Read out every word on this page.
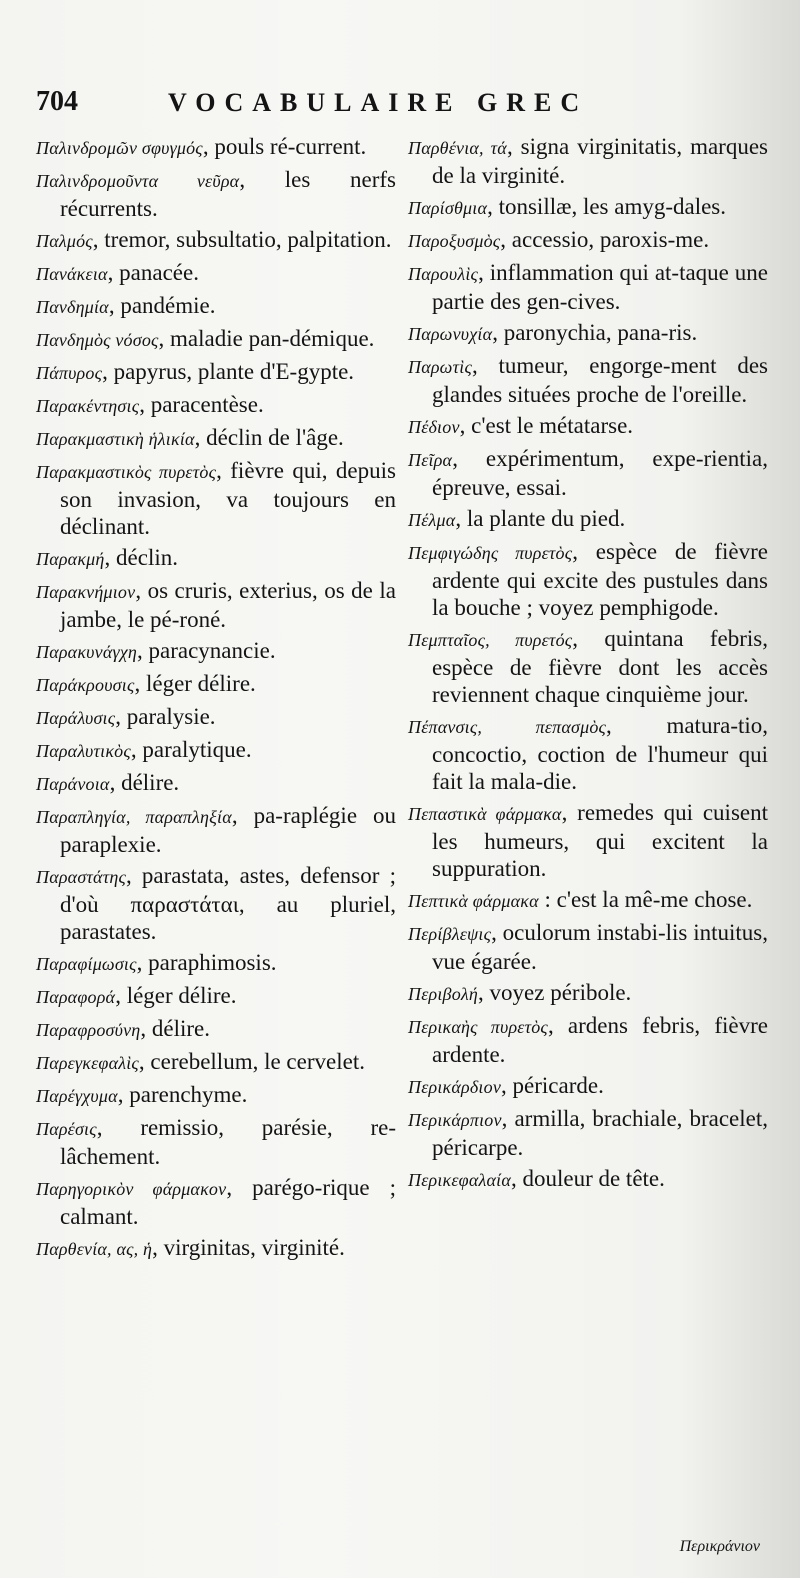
704	VOCABULAIRE GREC
Παλινδρομῶν σφυγμός, pouls ré-current.
Παλινδρομοῦντα νεῦρα, les nerfs récurrents.
Παλμός, tremor, subsultatio, palpitation.
Πανάκεια, panacée.
Πανδημία, pandémie.
Πανδημὸς νόσος, maladie pan-démique.
Πάπυρος, papyrus, plante d'E-gypte.
Παρακέντησις, paracentèse.
Παρακμαστικὴ ἡλικία, déclin de l'âge.
Παρακμαστικὸς πυρετὸς, fièvre qui, depuis son invasion, va toujours en déclinant.
Παρακμή, déclin.
Παρακνήμιον, os cruris, exterius, os de la jambe, le pé-roné.
Παρακυνάγχη, paracynancie.
Παράκρουσις, léger délire.
Παράλυσις, paralysie.
Παραλυτικὸς, paralytique.
Παράνοια, délire.
Παραπληγία, παραπληξία, pa-raplégie ou paraplexie.
Παραστάτης, parastata, astes, defensor ; d'où παραστάται, au pluriel, parastates.
Παραφίμωσις, paraphimosis.
Παραφορά, léger délire.
Παραφροσύνη, délire.
Παρεγκεφαλὶς, cerebellum, le cervelet.
Παρέγχυμα, parenchyme.
Παρέσις, remissio, parésie, re-lâchement.
Παρηγορικὸν φάρμακον, parégo-rique ; calmant.
Παρθενία, ας, ἡ, virginitas, virginité.
Παρθένια, τά, signa virginitatis, marques de la virginité.
Παρίσθμια, tonsillæ, les amyg-dales.
Παροξυσμὸς, accessio, paroxis-me.
Παρουλὶς, inflammation qui at-taque une partie des gen-cives.
Παρωνυχία, paronychia, pana-ris.
Παρωτὶς, tumeur, engorge-ment des glandes situées proche de l'oreille.
Πέδιον, c'est le métatarse.
Πεῖρα, expérimentum, expe-rientia, épreuve, essai.
Πέλμα, la plante du pied.
Πεμφιγώδης πυρετὸς, espèce de fièvre ardente qui excite des pustules dans la bouche ; voyez pemphigode.
Πεμπταῖος, πυρετός, quintana febris, espèce de fièvre dont les accès reviennent chaque cinquième jour.
Πέπανσις, πεπασμὸς, matura-tio, concoctio, coction de l'humeur qui fait la mala-die.
Πεπαστικὰ φάρμακα, remedes qui cuisent les humeurs, qui excitent la suppuration.
Πεπτικὰ φάρμακα : c'est la mê-me chose.
Περίβλεψις, oculorum instabi-lis intuitus, vue égarée.
Περιβολή, voyez péribole.
Περικαὴς πυρετὸς, ardens febris, fièvre ardente.
Περικάρδιον, péricarde.
Περικάρπιον, armilla, brachiale, bracelet, péricarpe.
Περικεφαλαία, douleur de tête.
Περικράνιον
